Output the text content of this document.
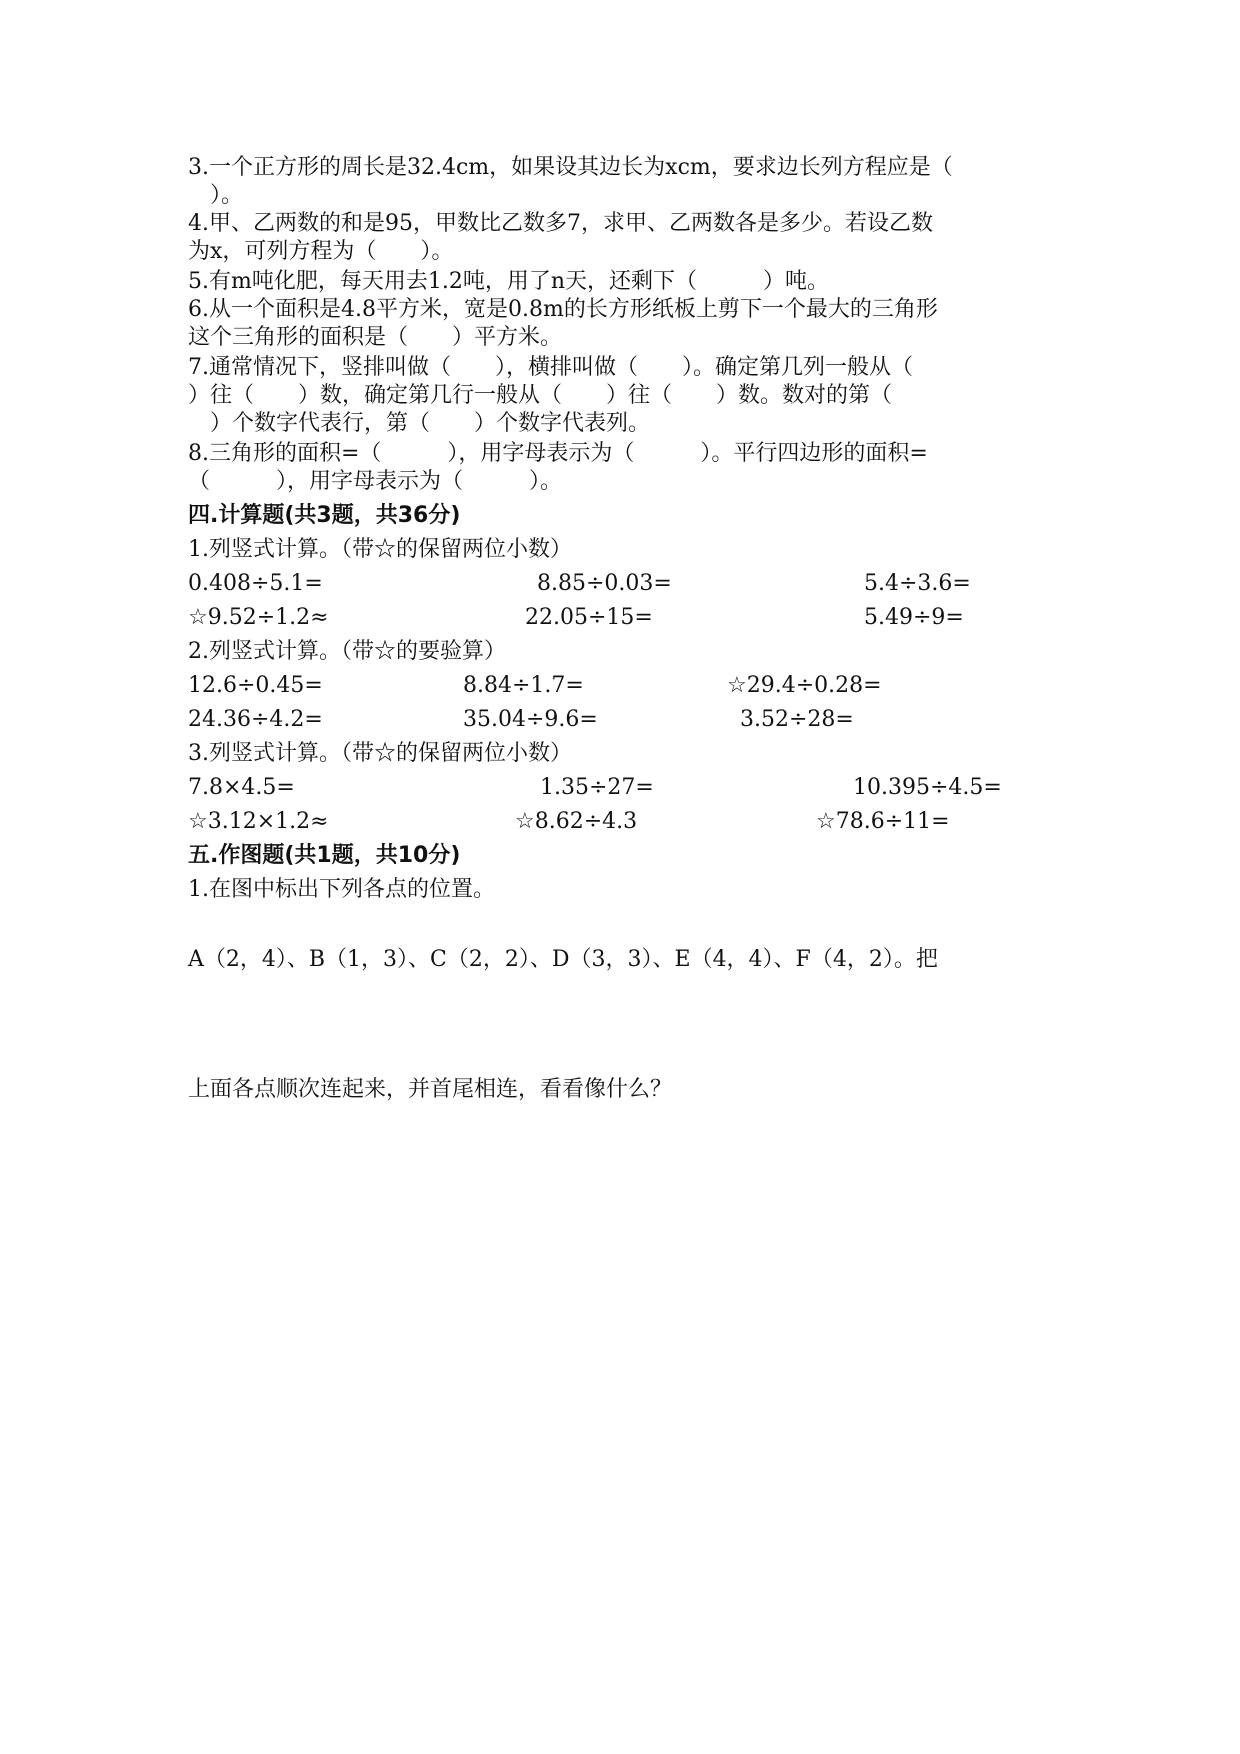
3.一个正方形的周长是32.4cm，如果设其边长为xcm，要求边长列方程应是（
　）。
4.甲、乙两数的和是95，甲数比乙数多7，求甲、乙两数各是多少。若设乙数
为x，可列方程为（　　）。
5.有m吨化肥，每天用去1.2吨，用了n天，还剩下（　　　）吨。
6.从一个面积是4.8平方米，宽是0.8m的长方形纸板上剪下一个最大的三角形
这个三角形的面积是（　　）平方米。
7.通常情况下，竖排叫做（　　），横排叫做（　　）。确定第几列一般从（
）往（　　）数，确定第几行一般从（　　）往（　　）数。数对的第（
　）个数字代表行，第（　　）个数字代表列。
8.三角形的面积=（　　　），用字母表示为（　　　）。平行四边形的面积=
（　　　），用字母表示为（　　　）。
四.计算题(共3题，共36分)
1.列竖式计算。（带☆的保留两位小数）
0.408÷5.1=	8.85÷0.03=	5.4÷3.6=
☆9.52÷1.2≈	22.05÷15=	5.49÷9=
2.列竖式计算。（带☆的要验算）
12.6÷0.45=	8.84÷1.7=	☆29.4÷0.28=
24.36÷4.2=	35.04÷9.6=	3.52÷28=
3.列竖式计算。（带☆的保留两位小数）
7.8×4.5=	1.35÷27=	10.395÷4.5=
☆3.12×1.2≈	☆8.62÷4.3	☆78.6÷11=
五.作图题(共1题，共10分)
1.在图中标出下列各点的位置。
A（2，4）、B（1，3）、C（2，2）、D（3，3）、E（4，4）、F（4，2）。把
上面各点顺次连起来，并首尾相连，看看像什么？
